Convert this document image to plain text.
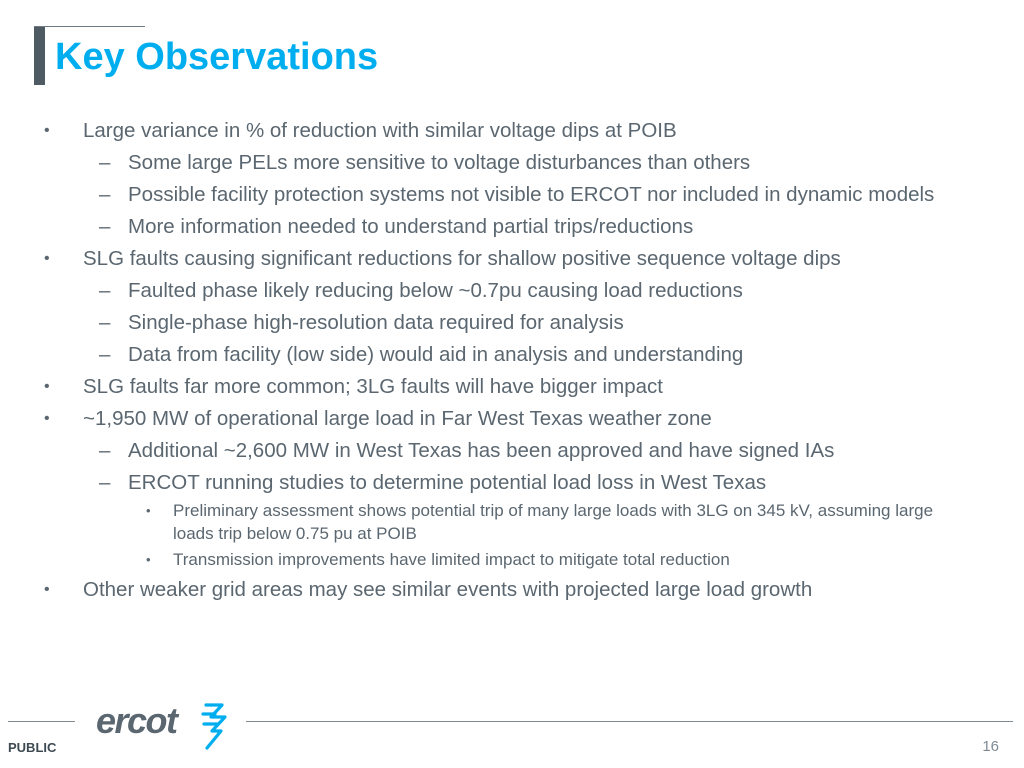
Key Observations

• Large variance in % of reduction with similar voltage dips at POIB

– Some large PELs more sensitive to voltage disturbances than others

– Possible facility protection systems not visible to ERCOT nor included in dynamic models

– More information needed to understand partial trips/reductions

• SLG faults causing significant reductions for shallow positive sequence voltage dips

– Faulted phase likely reducing below ~0.7pu causing load reductions

– Single-phase high-resolution data required for analysis

– Data from facility (low side) would aid in analysis and understanding

• SLG faults far more common; 3LG faults will have bigger impact

• ~1,950 MW of operational large load in Far West Texas weather zone

– Additional ~2,600 MW in West Texas has been approved and have signed IAs

– ERCOT running studies to determine potential load loss in West Texas

• Preliminary assessment shows potential trip of many large loads with 3LG on 345 kV, assuming large loads trip below 0.75 pu at POIB

• Transmission improvements have limited impact to mitigate total reduction

• Other weaker grid areas may see similar events with projected large load growth

ercot
PUBLIC	16
